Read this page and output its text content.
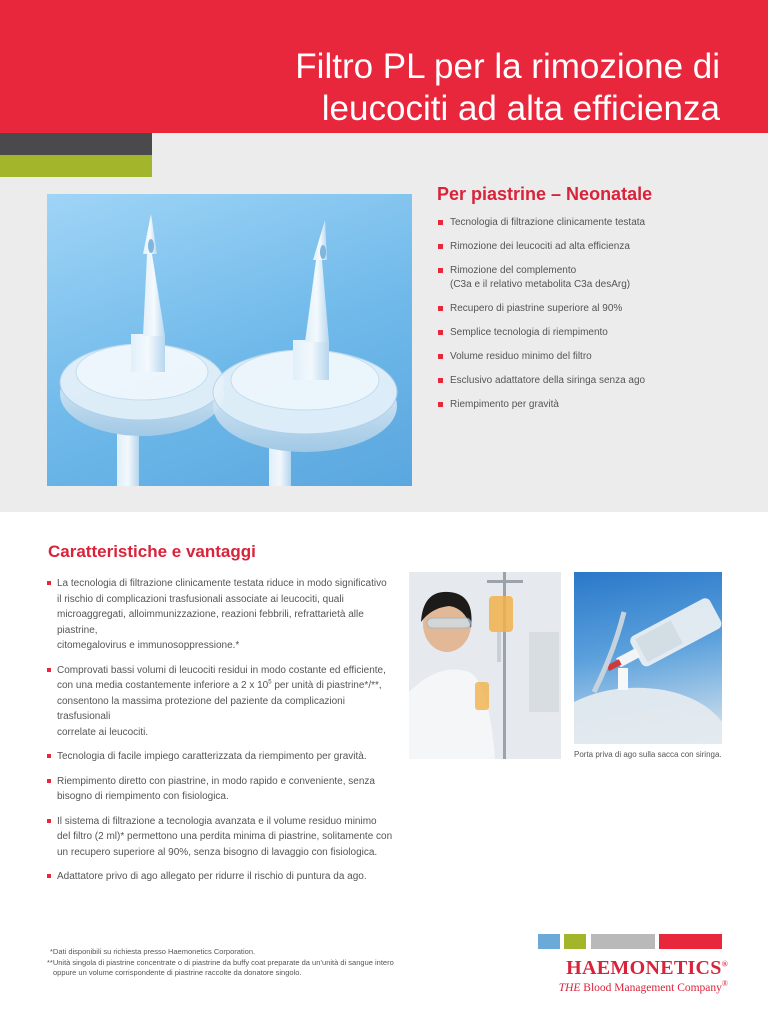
Filtro PL per la rimozione di
leucociti ad alta efficienza
Per piastrine – Neonatale
Tecnologia di filtrazione clinicamente testata
Rimozione dei leucociti ad alta efficienza
Rimozione del complemento
(C3a e il relativo metabolita C3a desArg)
Recupero di piastrine superiore al 90%
Semplice tecnologia di riempimento
Volume residuo minimo del filtro
Esclusivo adattatore della siringa senza ago
Riempimento per gravità
Caratteristiche e vantaggi
La tecnologia di filtrazione clinicamente testata riduce in modo significativo
il rischio di complicazioni trasfusionali associate ai leucociti, quali
microaggregati, alloimmunizzazione, reazioni febbrili, refrattarietà alle piastrine,
citomegalovirus e immunosoppressione.*
Comprovati bassi volumi di leucociti residui in modo costante ed efficiente,
con una media costantemente inferiore a 2 x $10^5$ per unità di piastrine*/**,
consentono la massima protezione del paziente da complicazioni trasfusionali
correlate ai leucociti.
Tecnologia di facile impiego caratterizzata da riempimento per gravità.
Riempimento diretto con piastrine, in modo rapido e conveniente, senza
bisogno di riempimento con fisiologica.
Il sistema di filtrazione a tecnologia avanzata e il volume residuo minimo
del filtro (2 ml)* permettono una perdita minima di piastrine, solitamente con
un recupero superiore al 90%, senza bisogno di lavaggio con fisiologica.
Adattatore privo di ago allegato per ridurre il rischio di puntura da ago.

Porta priva di ago sulla sacca con siringa.

*Dati disponibili su richiesta presso Haemonetics Corporation.

**Unità singola di piastrine concentrate o di piastrine da buffy coat preparate da un’unità di sangue intero

oppure un volume corrispondente di piastrine raccolte da donatore singolo.	HAEMONETICS®
THE Blood Management Company®
